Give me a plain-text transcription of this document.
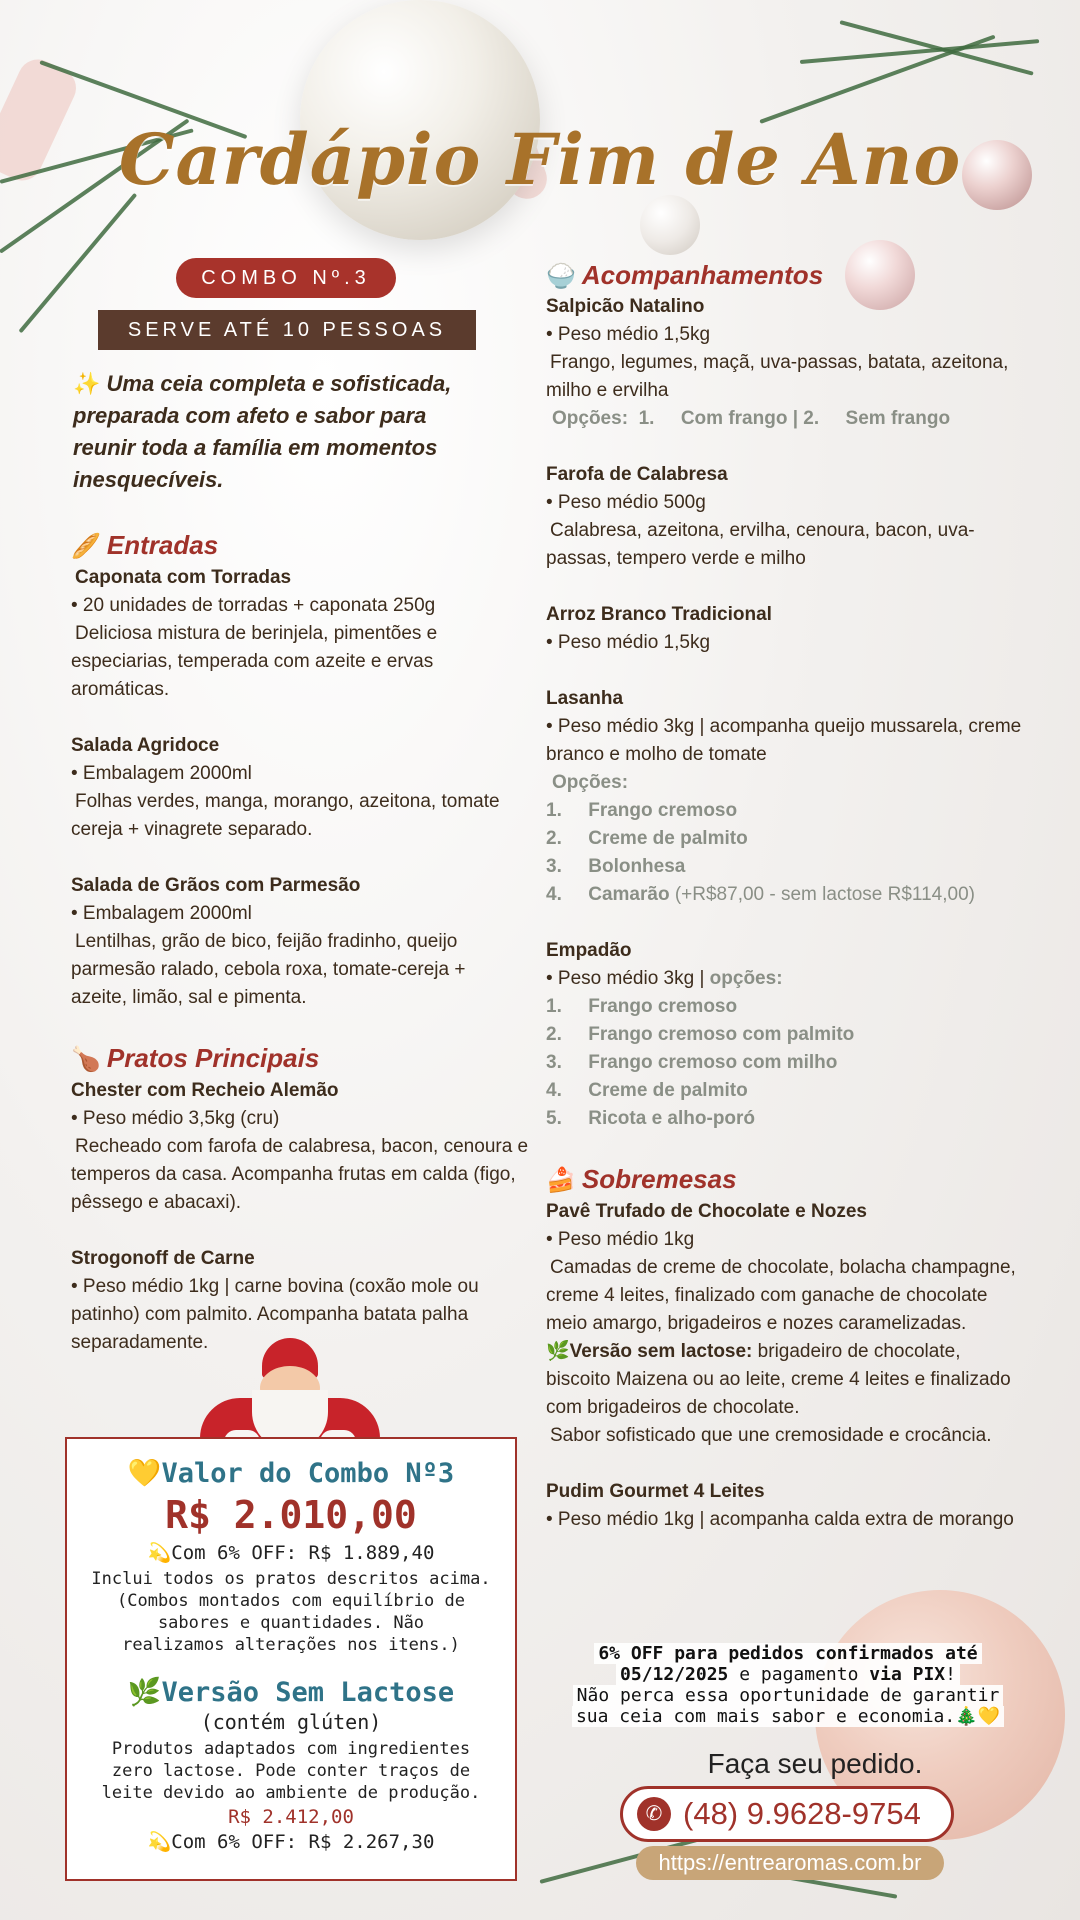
Cardápio Fim de Ano
COMBO Nº.3
SERVE ATÉ 10 PESSOAS
✨ Uma ceia completa e sofisticada, preparada com afeto e sabor para reunir toda a família em momentos inesquecíveis.
🥖 Entradas
Caponata com Torradas
• 20 unidades de torradas + caponata 250g
Deliciosa mistura de berinjela, pimentões e especiarias, temperada com azeite e ervas aromáticas.
Salada Agridoce
• Embalagem 2000ml
Folhas verdes, manga, morango, azeitona, tomate cereja + vinagrete separado.
Salada de Grãos com Parmesão
• Embalagem 2000ml
Lentilhas, grão de bico, feijão fradinho, queijo parmesão ralado, cebola roxa, tomate-cereja + azeite, limão, sal e pimenta.
🍗 Pratos Principais
Chester com Recheio Alemão
• Peso médio 3,5kg (cru)
Recheado com farofa de calabresa, bacon, cenoura e temperos da casa. Acompanha frutas em calda (figo, pêssego e abacaxi).
Strogonoff de Carne
• Peso médio 1kg | carne bovina (coxão mole ou patinho) com palmito. Acompanha batata palha separadamente.
🍚 Acompanhamentos
Salpicão Natalino
• Peso médio 1,5kg
Frango, legumes, maçã, uva-passas, batata, azeitona, milho e ervilha
Opções:  1.     Com frango | 2.     Sem frango
Farofa de Calabresa
• Peso médio 500g
Calabresa, azeitona, ervilha, cenoura, bacon, uva-passas, tempero verde e milho
Arroz Branco Tradicional
• Peso médio 1,5kg
Lasanha
• Peso médio 3kg | acompanha queijo mussarela, creme branco e molho de tomate
Opções:
1.     Frango cremoso
2.     Creme de palmito
3.     Bolonhesa
4.     Camarão (+R$87,00 - sem lactose R$114,00)
Empadão
• Peso médio 3kg | opções:
1.     Frango cremoso
2.     Frango cremoso com palmito
3.     Frango cremoso com milho
4.     Creme de palmito
5.     Ricota e alho-poró
🍰 Sobremesas
Pavê Trufado de Chocolate e Nozes
• Peso médio 1kg
Camadas de creme de chocolate, bolacha champagne, creme 4 leites, finalizado com ganache de chocolate meio amargo, brigadeiros e nozes caramelizadas.
🌿Versão sem lactose: brigadeiro de chocolate, biscoito Maizena ou ao leite, creme 4 leites e finalizado com brigadeiros de chocolate.
Sabor sofisticado que une cremosidade e crocância.
Pudim Gourmet 4 Leites
• Peso médio 1kg | acompanha calda extra de morango
💛Valor do Combo Nº3
R$ 2.010,00
💫Com 6% OFF: R$ 1.889,40
Inclui todos os pratos descritos acima.
(Combos montados com equilíbrio de sabores e quantidades. Não realizamos alterações nos itens.)
🌿Versão Sem Lactose
(contém glúten)
Produtos adaptados com ingredientes zero lactose. Pode conter traços de leite devido ao ambiente de produção.
R$ 2.412,00
💫Com 6% OFF: R$ 2.267,30
6% OFF para pedidos confirmados até
05/12/2025 e pagamento via PIX!
Não perca essa oportunidade de garantir
sua ceia com mais sabor e economia.🎄💛
Faça seu pedido.
✆ (48) 9.9628-9754
https://entrearomas.com.br
